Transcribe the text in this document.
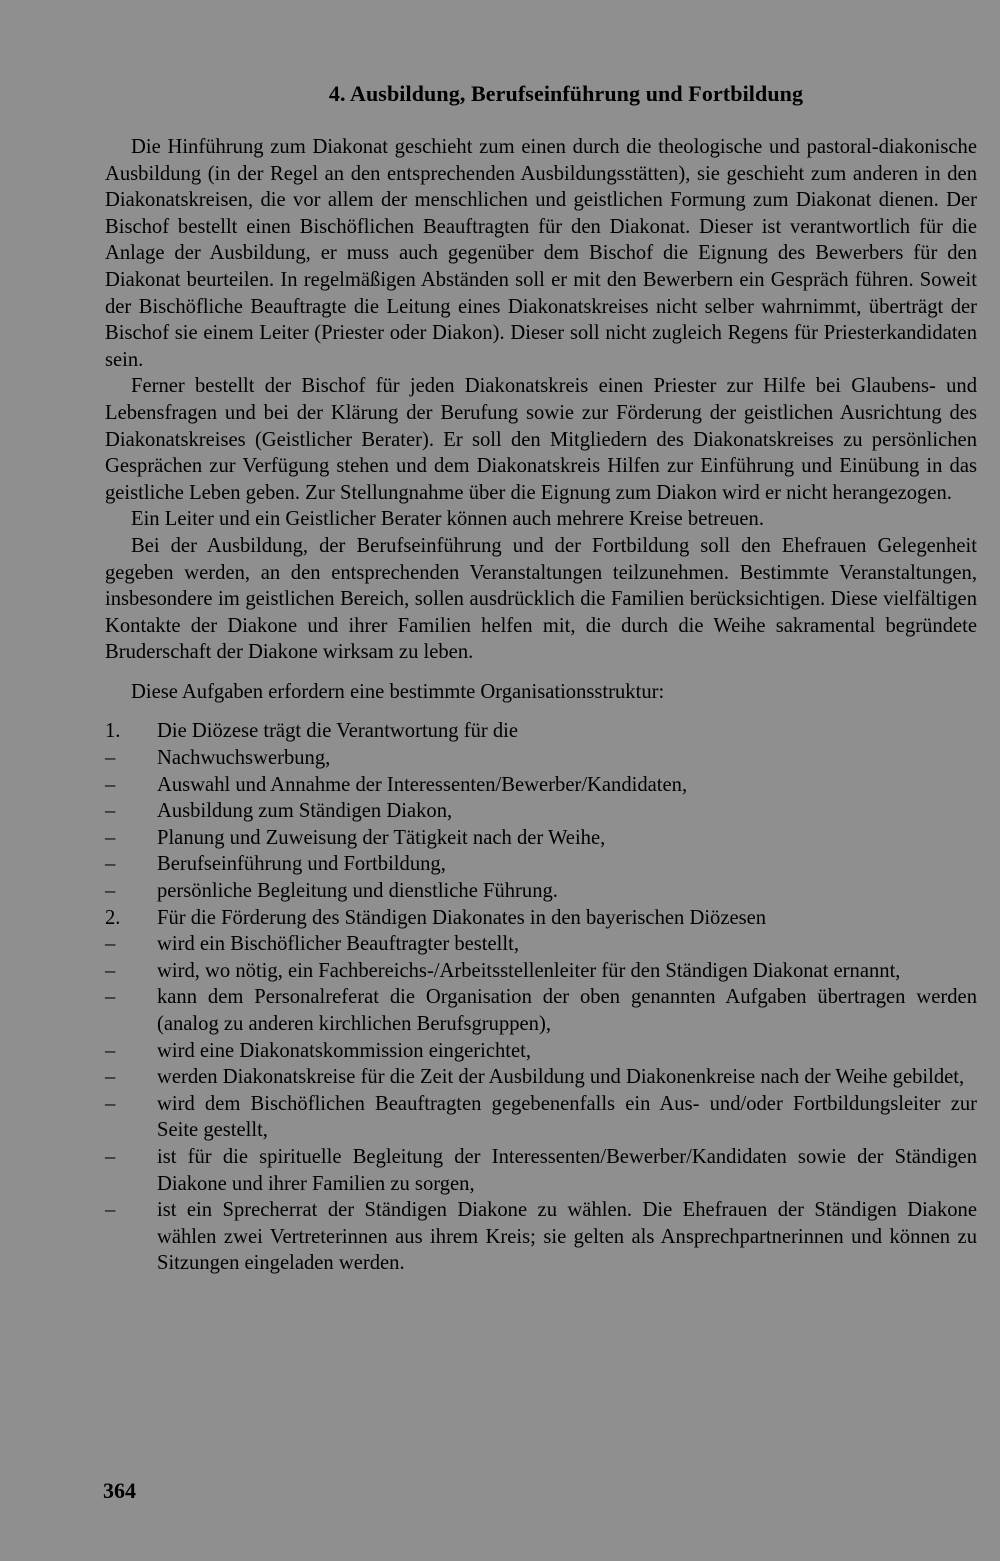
4. Ausbildung, Berufseinführung und Fortbildung

Die Hinführung zum Diakonat geschieht zum einen durch die theologische und pastoral-diakonische Ausbildung (in der Regel an den entsprechenden Ausbildungsstätten), sie geschieht zum anderen in den Diakonatskreisen, die vor allem der menschlichen und geistlichen Formung zum Diakonat dienen. Der Bischof bestellt einen Bischöflichen Beauftragten für den Diakonat. Dieser ist verantwortlich für die Anlage der Ausbildung, er muss auch gegenüber dem Bischof die Eignung des Bewerbers für den Diakonat beurteilen. In regelmäßigen Abständen soll er mit den Bewerbern ein Gespräch führen. Soweit der Bischöfliche Beauftragte die Leitung eines Diakonatskreises nicht selber wahrnimmt, überträgt der Bischof sie einem Leiter (Priester oder Diakon). Dieser soll nicht zugleich Regens für Priesterkandidaten sein.

Ferner bestellt der Bischof für jeden Diakonatskreis einen Priester zur Hilfe bei Glaubens- und Lebensfragen und bei der Klärung der Berufung sowie zur Förderung der geistlichen Ausrichtung des Diakonatskreises (Geistlicher Berater). Er soll den Mitgliedern des Diakonatskreises zu persönlichen Gesprächen zur Verfügung stehen und dem Diakonatskreis Hilfen zur Einführung und Einübung in das geistliche Leben geben. Zur Stellungnahme über die Eignung zum Diakon wird er nicht herangezogen.

Ein Leiter und ein Geistlicher Berater können auch mehrere Kreise betreuen.

Bei der Ausbildung, der Berufseinführung und der Fortbildung soll den Ehefrauen Gelegenheit gegeben werden, an den entsprechenden Veranstaltungen teilzunehmen. Bestimmte Veranstaltungen, insbesondere im geistlichen Bereich, sollen ausdrücklich die Familien berücksichtigen. Diese vielfältigen Kontakte der Diakone und ihrer Familien helfen mit, die durch die Weihe sakramental begründete Bruderschaft der Diakone wirksam zu leben.

Diese Aufgaben erfordern eine bestimmte Organisationsstruktur:

1.	Die Diözese trägt die Verantwortung für die
–	Nachwuchswerbung,
–	Auswahl und Annahme der Interessenten/Bewerber/Kandidaten,
–	Ausbildung zum Ständigen Diakon,
–	Planung und Zuweisung der Tätigkeit nach der Weihe,
–	Berufseinführung und Fortbildung,
–	persönliche Begleitung und dienstliche Führung.
2.	Für die Förderung des Ständigen Diakonates in den bayerischen Diözesen
–	wird ein Bischöflicher Beauftragter bestellt,
–	wird, wo nötig, ein Fachbereichs-/Arbeitsstellenleiter für den Ständigen Diakonat ernannt,
–	kann dem Personalreferat die Organisation der oben genannten Aufgaben übertragen werden (analog zu anderen kirchlichen Berufsgruppen),
–	wird eine Diakonatskommission eingerichtet,
–	werden Diakonatskreise für die Zeit der Ausbildung und Diakonenkreise nach der Weihe gebildet,
–	wird dem Bischöflichen Beauftragten gegebenenfalls ein Aus- und/oder Fortbildungsleiter zur Seite gestellt,
–	ist für die spirituelle Begleitung der Interessenten/Bewerber/Kandidaten sowie der Ständigen Diakone und ihrer Familien zu sorgen,
–	ist ein Sprecherrat der Ständigen Diakone zu wählen. Die Ehefrauen der Ständigen Diakone wählen zwei Vertreterinnen aus ihrem Kreis; sie gelten als Ansprechpartnerinnen und können zu Sitzungen eingeladen werden.
364
